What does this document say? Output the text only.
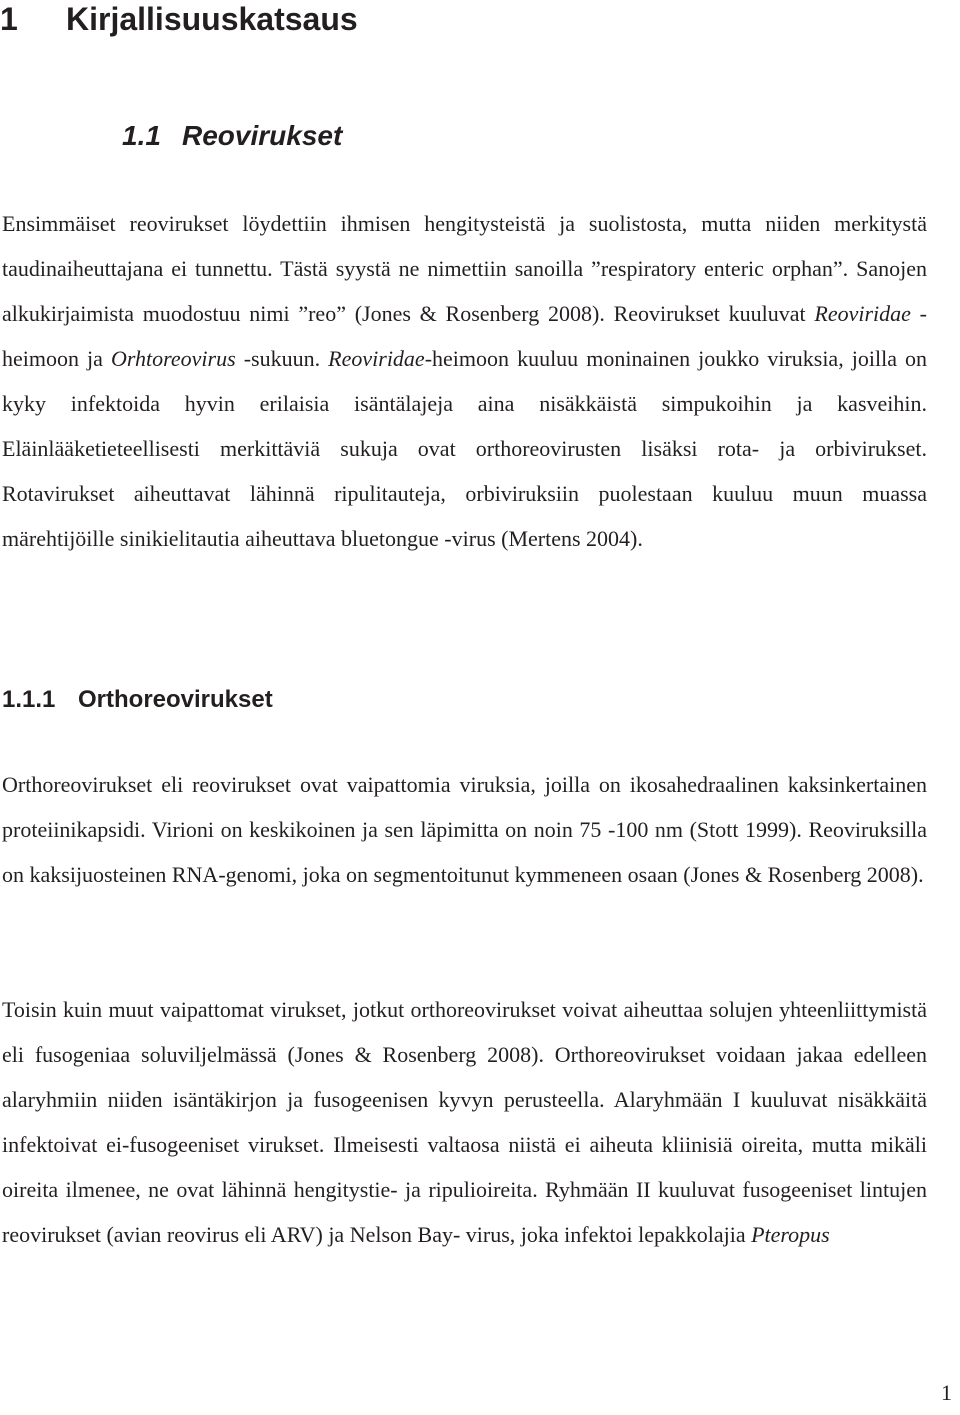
1 Kirjallisuuskatsaus
1.1 Reovirukset

Ensimmäiset reovirukset löydettiin ihmisen hengitysteistä ja suolistosta, mutta niiden merkitystä taudinaiheuttajana ei tunnettu. Tästä syystä ne nimettiin sanoilla ”respiratory enteric orphan”. Sanojen alkukirjaimista muodostuu nimi ”reo” (Jones & Rosenberg 2008). Reovirukset kuuluvat Reoviridae -heimoon ja Orhtoreovirus -sukuun. Reoviridae-heimoon kuuluu moninainen joukko viruksia, joilla on kyky infektoida hyvin erilaisia isäntälajeja aina nisäkkäistä simpukoihin ja kasveihin. Eläinlääketieteellisesti merkittäviä sukuja ovat orthoreovirusten lisäksi rota- ja orbivirukset. Rotavirukset aiheuttavat lähinnä ripulitauteja, orbiviruksiin puolestaan kuuluu muun muassa märehtijöille sinikielitautia aiheuttava bluetongue -virus (Mertens 2004).

1.1.1 Orthoreovirukset

Orthoreovirukset eli reovirukset ovat vaipattomia viruksia, joilla on ikosahedraalinen kaksinkertainen proteiinikapsidi. Virioni on keskikoinen ja sen läpimitta on noin 75 -100 nm (Stott 1999). Reoviruksilla on kaksijuosteinen RNA-genomi, joka on segmentoitunut kymmeneen osaan (Jones & Rosenberg 2008).

Toisin kuin muut vaipattomat virukset, jotkut orthoreovirukset voivat aiheuttaa solujen yhteenliittymistä eli fusogeniaa soluviljelmässä (Jones & Rosenberg 2008). Orthoreovirukset voidaan jakaa edelleen alaryhmiin niiden isäntäkirjon ja fusogeenisen kyvyn perusteella. Alaryhmään I kuuluvat nisäkkäitä infektoivat ei-fusogeeniset virukset. Ilmeisesti valtaosa niistä ei aiheuta kliinisiä oireita, mutta mikäli oireita ilmenee, ne ovat lähinnä hengitystie- ja ripulioireita. Ryhmään II kuuluvat fusogeeniset lintujen reovirukset (avian reovirus eli ARV) ja Nelson Bay- virus, joka infektoi lepakkolajia Pteropus

1
